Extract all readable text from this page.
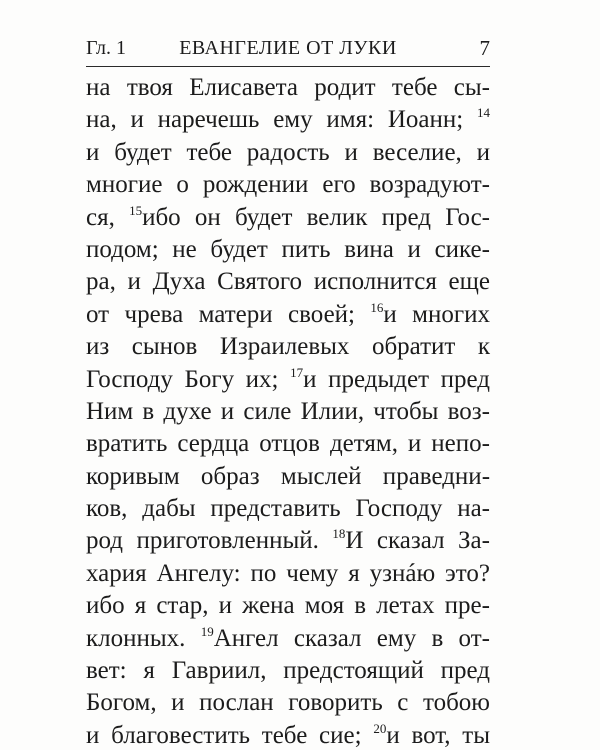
Гл. 1	ЕВАНГЕЛИЕ ОТ ЛУКИ	7
на твоя Елисавета родит тебе сы-
на, и наречешь ему имя: Иоанн; $^{14}$
и будет тебе радость и веселие, и
многие о рождении его возрадуют-
ся, $^{15}$ибо он будет велик пред Гос-
подом; не будет пить вина и сике-
ра, и Духа Святого исполнится еще
от чрева матери своей; $^{16}$и многих
из сынов Израилевых обратит к
Господу Богу их; $^{17}$и предыдет пред
Ним в духе и силе Илии, чтобы воз-
вратить сердца отцов детям, и непо-
коривым образ мыслей праведни-
ков, дабы представить Господу на-
род приготовленный. $^{18}$И сказал За-
хария Ангелу: по чему я узнáю это?
ибо я стар, и жена моя в летах пре-
клонных. $^{19}$Ангел сказал ему в от-
вет: я Гавриил, предстоящий пред
Богом, и послан говорить с тобою
и благовестить тебе сие; $^{20}$и вот, ты
